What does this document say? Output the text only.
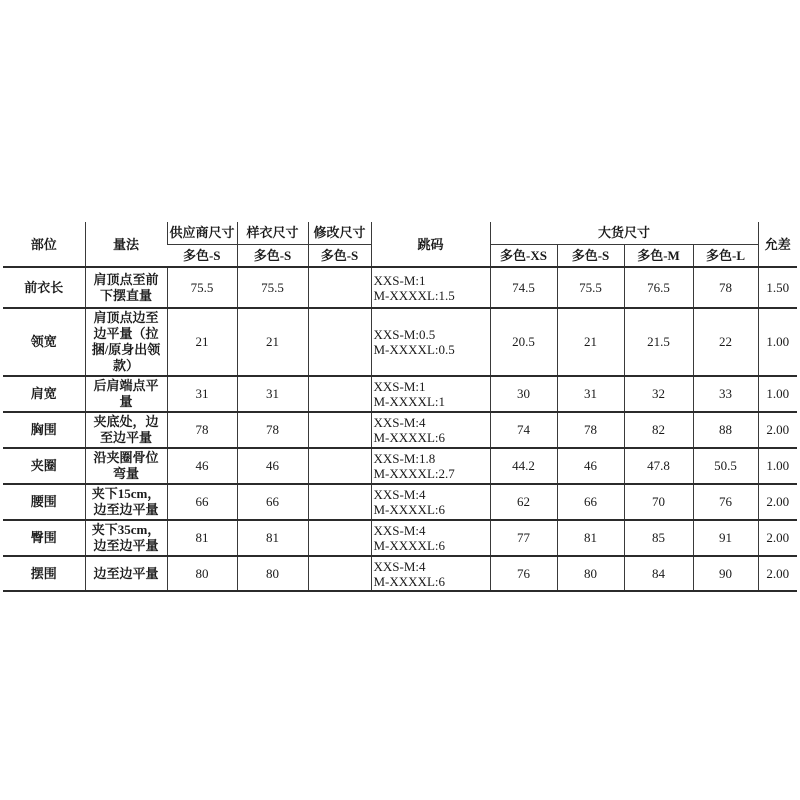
部位	量法	供应商尺寸	样衣尺寸	修改尺寸	跳码	大货尺寸				允差
		多色-S	多色-S	多色-S		多色-XS	多色-S	多色-M	多色-L	
前衣长	肩顶点至前下摆直量	75.5	75.5		XXS-M:1
M-XXXXL:1.5	74.5	75.5	76.5	78	1.50
领宽	肩顶点边至边平量（拉捆/原身出领款）	21	21		XXS-M:0.5
M-XXXXL:0.5	20.5	21	21.5	22	1.00
肩宽	后肩端点平量	31	31		XXS-M:1
M-XXXXL:1	30	31	32	33	1.00
胸围	夹底处，边至边平量	78	78		XXS-M:4
M-XXXXL:6	74	78	82	88	2.00
夹圈	沿夹圈骨位弯量	46	46		XXS-M:1.8
M-XXXXL:2.7	44.2	46	47.8	50.5	1.00
腰围	夹下15cm，边至边平量	66	66		XXS-M:4
M-XXXXL:6	62	66	70	76	2.00
臀围	夹下35cm，边至边平量	81	81		XXS-M:4
M-XXXXL:6	77	81	85	91	2.00
摆围	边至边平量	80	80		XXS-M:4
M-XXXXL:6	76	80	84	90	2.00
